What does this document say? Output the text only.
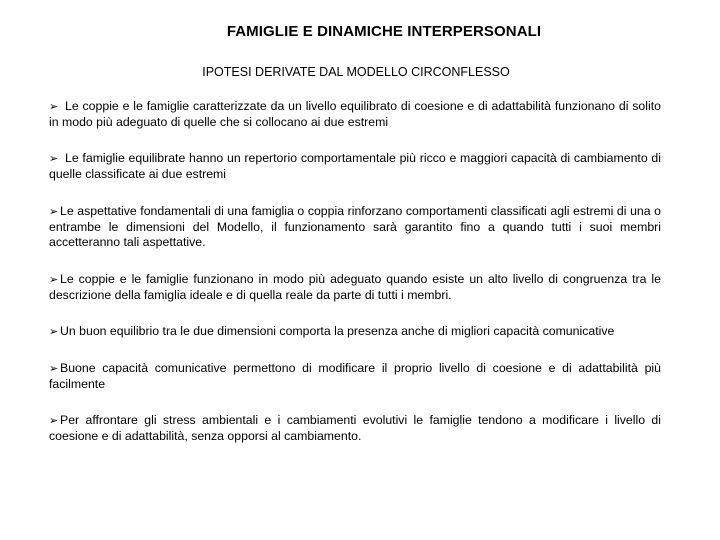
FAMIGLIE E DINAMICHE INTERPERSONALI
IPOTESI DERIVATE DAL MODELLO CIRCONFLESSO

➢ Le coppie e le famiglie caratterizzate da un livello equilibrato di coesione e di adattabilità funzionano di solito in modo più adeguato di quelle che si collocano ai due estremi

➢ Le famiglie equilibrate hanno un repertorio comportamentale più ricco e maggiori capacità di cambiamento di quelle classificate ai due estremi

➢ Le aspettative fondamentali di una famiglia o coppia rinforzano comportamenti classificati agli estremi di una o entrambe le dimensioni del Modello, il funzionamento sarà garantito fino a quando tutti i suoi membri accetteranno tali aspettative.

➢ Le coppie e le famiglie funzionano in modo più adeguato quando esiste un alto livello di congruenza tra le descrizione della famiglia ideale e di quella reale da parte di tutti i membri.

➢ Un buon equilibrio tra le due dimensioni comporta la presenza anche di migliori capacità comunicative

➢ Buone capacità comunicative permettono di modificare il proprio livello di coesione e di adattabilità più facilmente

➢ Per affrontare gli stress ambientali e i cambiamenti evolutivi le famiglie tendono a modificare i livello di coesione e di adattabilità, senza opporsi al cambiamento.
